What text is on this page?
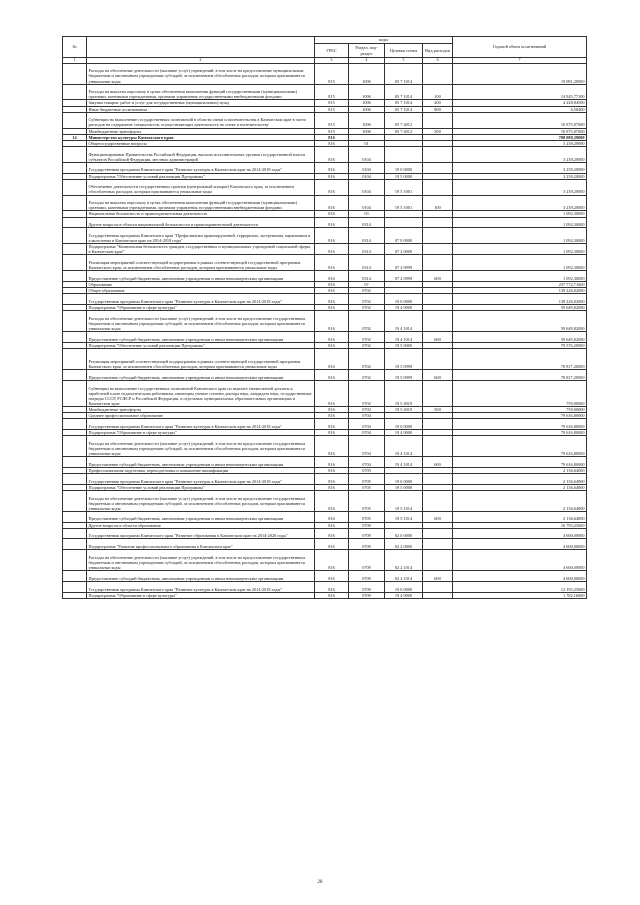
№		коды				Годовой объем ассигнований
		ГРБС	Раздел, под-раздел	Целевая статья	Вид расходов	
1	2	3	4	5	6	7
	Расходы на обеспечение деятельности (оказание услуг) учреждений, в том числе на предоставление муниципальным бюджетным и автономным учреждениям субсидий, за исключением обособленных расходов, которым присваиваются уникальные коды	815	1006	05 7 1014		19 081,20000
	Расходы на выплаты персоналу в целях обеспечения выполнения функций государственными (муниципальными) органами, казенными учреждениями, органами управления государственными внебюджетными фондами	815	1006	05 7 1014	100	14 845,77100
	Закупка товаров, работ и услуг для государственных (муниципальных) нужд	815	1006	05 7 1014	200	4 228,84500
	Иные бюджетные ассигнования	815	1006	05 7 1014	800	6,58400
	Субвенции на выполнение государственных полномочий в области опеки и попечительства в Камчатском крае в части расходов на содержание специалистов, осуществляющих деятельность по опеке и попечительству	815	1006	05 7 4012		10 875,07000
	Межбюджетные трансферты	815	1006	05 7 4012	500	10 875,07000
14	Министерство культуры Камчатского края	816				708 080,39000
	Общегосударственные вопросы	816	01			3 239,20000
	Функционирование Правительства Российской Федерации, высших исполнительных органов государственной власти субъектов Российской Федерации, местных администраций	816	0104			3 239,20000
	Государственная программа Камчатского края "Развитие культуры в Камчатском крае на 2014-2018 годы"	816	0104	19 0 0000		3 239,20000
	Подпрограмма "Обеспечение условий реализации Программы"	816	0104	19 5 0000		3 239,20000
	Обеспечение деятельности государственных органов (центральный аппарат) Камчатского края, за исключением обособленных расходов, которым присваиваются уникальные коды	816	0104	19 5 1001		3 239,20000
	Расходы на выплаты персоналу в целях обеспечения выполнения функций государственными (муниципальными) органами, казенными учреждениями, органами управления государственными внебюджетными фондами	816	0104	19 5 1001	100	3 239,20000
	Национальная безопасность и правоохранительная деятельность	816	03			1 092,30000
	Другие вопросы в области национальной безопасности и правоохранительной деятельности	816	0314			1 092,30000
	Государственная программа Камчатского края "Профилактика правонарушений, терроризма, экстремизма, наркомании и алкоголизма в Камчатском крае на 2014-2018 годы"	816	0314	07 0 0000		1 092,30000
	Подпрограмма "Комплексная безопасность граждан, государственных и муниципальных учреждений социальной сферы в Камчатском крае"	816	0314	07 2 0000		1 092,30000
	Реализация мероприятий соответствующей подпрограммы в рамках соответствующей государственной программы Камчатского края, за исключением обособленных расходов, которым присваиваются уникальные коды	816	0314	07 2 0999		1 092,30000
	Предоставление субсидий бюджетным, автономным учреждениям и иным некоммерческим организациям	816	0314	07 2 0999	600	1 092,30000
	Образование	816	07			237 772,71600
	Общее образование	816	0702			139 226,02000
	Государственная программа Камчатского края "Развитие культуры в Камчатском крае на 2014-2018 годы"	816	0702	19 0 0000		139 226,02000
	Подпрограмма "Образование в сфере культуры"	816	0702	19 4 0000		59 649,82000
	Расходы на обеспечение деятельности (оказание услуг) учреждений, в том числе на предоставление государственным бюджетным и автономным учреждениям субсидий, за исключением обособленных расходов, которым присваиваются уникальные коды	816	0702	19 4 1014		59 649,82000
	Предоставление субсидий бюджетным, автономным учреждениям и иным некоммерческим организациям	816	0702	19 4 1014	600	59 649,82000
	Подпрограмма "Обеспечение условий реализации Программы"	816	0702	19 5 0000		79 576,20000
	Реализация мероприятий соответствующей подпрограммы в рамках соответствующей государственной программы Камчатского края, за исключением обособленных расходов, которым присваиваются уникальные коды	816	0702	19 5 0999		78 817,20000
	Предоставление субсидий бюджетным, автономным учреждениям и иным некоммерческим организациям	816	0702	19 5 0999	600	78 817,20000
	Субвенции на выполнение государственных полномочий Камчатского края по выплате ежемесячной доплаты к заработной плате педагогическим работникам, имеющим ученые степени доктора наук, кандидата наук, государственные награды СССР, РСФСР и Российской Федерации, в отдельных муниципальных образовательных организациях в Камчатском крае	816	0702	19 5 4019		759,00000
	Межбюджетные трансферты	816	0702	19 5 4019	500	759,00000
	Среднее профессиональное образование	816	0704			79 616,80000
	Государственная программа Камчатского края "Развитие культуры в Камчатском крае на 2014-2018 годы"	816	0704	19 0 0000		79 616,80000
	Подпрограмма "Образование в сфере культуры"	816	0704	19 4 0000		79 616,80000
	Расходы на обеспечение деятельности (оказание услуг) учреждений, в том числе на предоставление государственным бюджетным и автономным учреждениям субсидий, за исключением обособленных расходов, которым присваиваются уникальные коды	816	0704	19 4 1014		79 616,80000
	Предоставление субсидий бюджетным, автономным учреждениям и иным некоммерческим организациям	816	0704	19 4 1014	600	79 616,80000
	Профессиональная подготовка, переподготовка и повышение квалификации	816	0705			2 136,64000
	Государственная программа Камчатского края "Развитие культуры в Камчатском крае на 2014-2018 годы"	816	0705	19 0 0000		2 136,64000
	Подпрограмма "Обеспечение условий реализации Программы"	816	0705	19 5 0000		2 136,64000
	Расходы на обеспечение деятельности (оказание услуг) учреждений, в том числе на предоставление государственным бюджетным и автономным учреждениям субсидий, за исключением обособленных расходов, которым присваиваются уникальные коды	816	0705	19 5 1014		2 136,64000
	Предоставление субсидий бюджетным, автономным учреждениям и иным некоммерческим организациям	816	0705	19 5 1014	600	2 136,64000
	Другие вопросы в области образования	816	0709			16 793,25600
	Государственная программа Камчатского края "Развитие образования в Камчатском крае на 2014-2020 годы"	816	0709	02 0 0000		4 600,00000
	Подпрограмма "Развитие профессионального образования в Камчатском крае"	816	0709	02 2 0000		4 600,00000
	Расходы на обеспечение деятельности (оказание услуг) учреждений, в том числе на предоставление государственным бюджетным и автономным учреждениям субсидий, за исключением обособленных расходов, которым присваиваются уникальные коды	816	0709	02 2 1014		4 600,00000
	Предоставление субсидий бюджетным, автономным учреждениям и иным некоммерческим организациям	816	0709	02 2 1014	600	4 600,00000
	Государственная программа Камчатского края "Развитие культуры в Камчатском крае на 2014-2018 годы"	816	0709	19 0 0000		12 193,25600
	Подпрограмма "Образование в сфере культуры"	816	0709	19 4 0000		1 782,16000
28
